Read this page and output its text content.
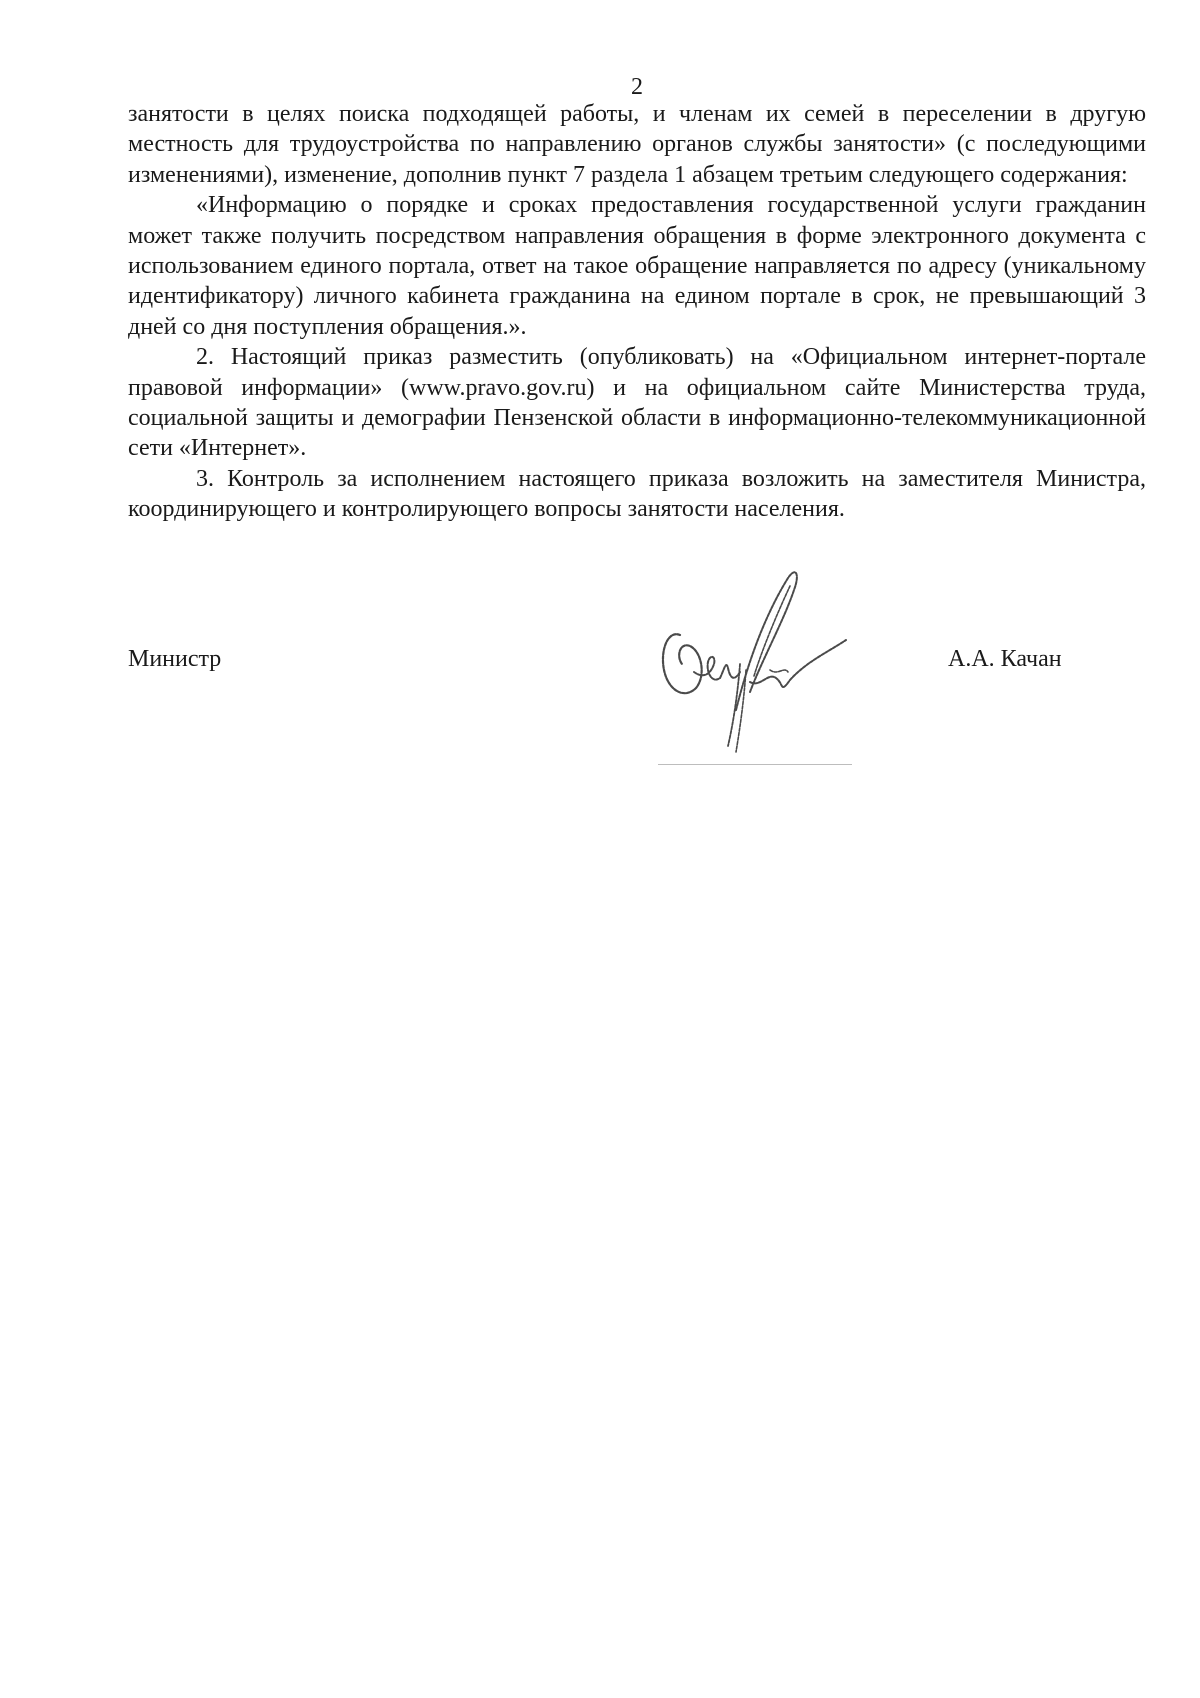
2

занятости в целях поиска подходящей работы, и членам их семей в переселении в другую местность для трудоустройства по направлению органов службы занятости» (с последующими изменениями), изменение, дополнив пункт 7 раздела 1 абзацем третьим следующего содержания:

«Информацию о порядке и сроках предоставления государственной услуги гражданин может также получить посредством направления обращения в форме электронного документа с использованием единого портала, ответ на такое обращение направляется по адресу (уникальному идентификатору) личного кабинета гражданина на едином портале в срок, не превышающий 3 дней со дня поступления обращения.».

2. Настоящий приказ разместить (опубликовать) на «Официальном интернет-портале правовой информации» (www.pravo.gov.ru) и на официальном сайте Министерства труда, социальной защиты и демографии Пензенской области в информационно-телекоммуникационной сети «Интернет».

3. Контроль за исполнением настоящего приказа возложить на заместителя Министра, координирующего и контролирующего вопросы занятости населения.

Министр	А.А. Качан
